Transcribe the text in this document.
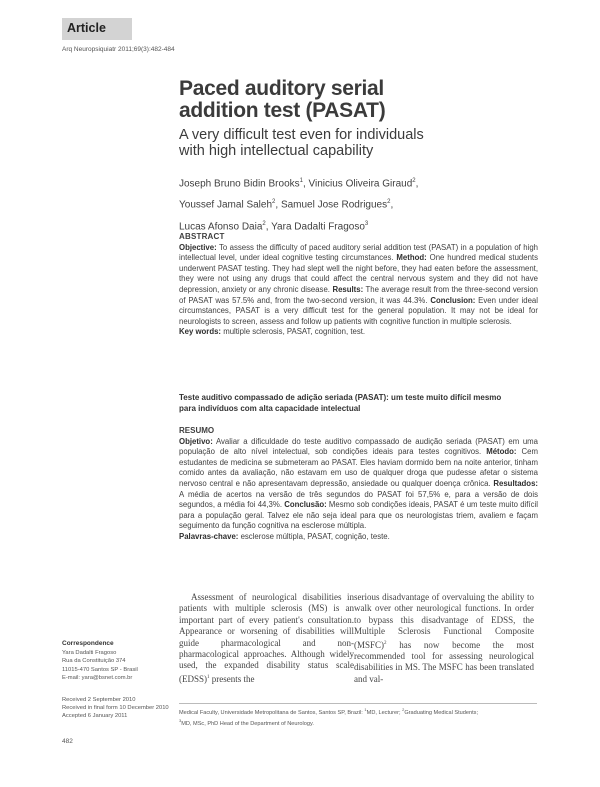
Article
Arq Neuropsiquiatr 2011;69(3):482-484
Paced auditory serial
addition test (PASAT)
A very difficult test even for individuals
with high intellectual capability
Joseph Bruno Bidin Brooks$^1$, Vinicius Oliveira Giraud$^2$,
Youssef Jamal Saleh$^2$, Samuel Jose Rodrigues$^2$,
Lucas Afonso Daia$^2$, Yara Dadalti Fragoso$^3$
ABSTRACT
Objective: To assess the difficulty of paced auditory serial addition test (PASAT) in a population of high intellectual level, under ideal cognitive testing circumstances. Method: One hundred medical students underwent PASAT testing. They had slept well the night before, they had eaten before the assessment, they were not using any drugs that could affect the central nervous system and they did not have depression, anxiety or any chronic disease. Results: The average result from the three-second version of PASAT was 57.5% and, from the two-second version, it was 44.3%. Conclusion: Even under ideal circumstances, PASAT is a very difficult test for the general population. It may not be ideal for neurologists to screen, assess and follow up patients with cognitive function in multiple sclerosis.
Key words: multiple sclerosis, PASAT, cognition, test.
Teste auditivo compassado de adição seriada (PASAT): um teste muito difícil mesmo
para indivíduos com alta capacidade intelectual
RESUMO
Objetivo: Avaliar a dificuldade do teste auditivo compassado de audição seriada (PASAT) em uma população de alto nível intelectual, sob condições ideais para testes cognitivos. Método: Cem estudantes de medicina se submeteram ao PASAT. Eles haviam dormido bem na noite anterior, tinham comido antes da avaliação, não estavam em uso de qualquer droga que pudesse afetar o sistema nervoso central e não apresentavam depressão, ansiedade ou qualquer doença crônica. Resultados: A média de acertos na versão de três segundos do PASAT foi 57,5% e, para a versão de dois segundos, a média foi 44,3%. Conclusão: Mesmo sob condições ideais, PASAT é um teste muito difícil para a população geral. Talvez ele não seja ideal para que os neurologistas triem, avaliem e façam seguimento da função cognitiva na esclerose múltipla.
Palavras-chave: esclerose múltipla, PASAT, cognição, teste.

Assessment of neurological disabilities in patients with multiple sclerosis (MS) is an important part of every patient's consultation. Appearance or worsening of disabilities will guide pharmacological and non-pharmacological approaches. Although widely used, the expanded disability status scale (EDSS)$^1$ presents the

serious disadvantage of overvaluing the ability to walk over other neurological functions. In order to bypass this disadvantage of EDSS, the Multiple Sclerosis Functional Composite (MSFC)$^2$ has now become the most recommended tool for assessing neurological disabilities in MS. The MSFC has been translated and val-

Correspondence
Yara Dadalti Fragoso
Rua da Constituição 374
11015-470 Santos SP - Brasil
E-mail: yara@bsnet.com.br
Received 2 September 2010
Received in final form 10 December 2010
Accepted 6 January 2011
Medical Faculty, Universidade Metropolitana de Santos, Santos SP, Brazil: $^1$MD, Lecturer; $^2$Graduating Medical Students;
$^3$MD, MSc, PhD Head of the Department of Neurology.
482
